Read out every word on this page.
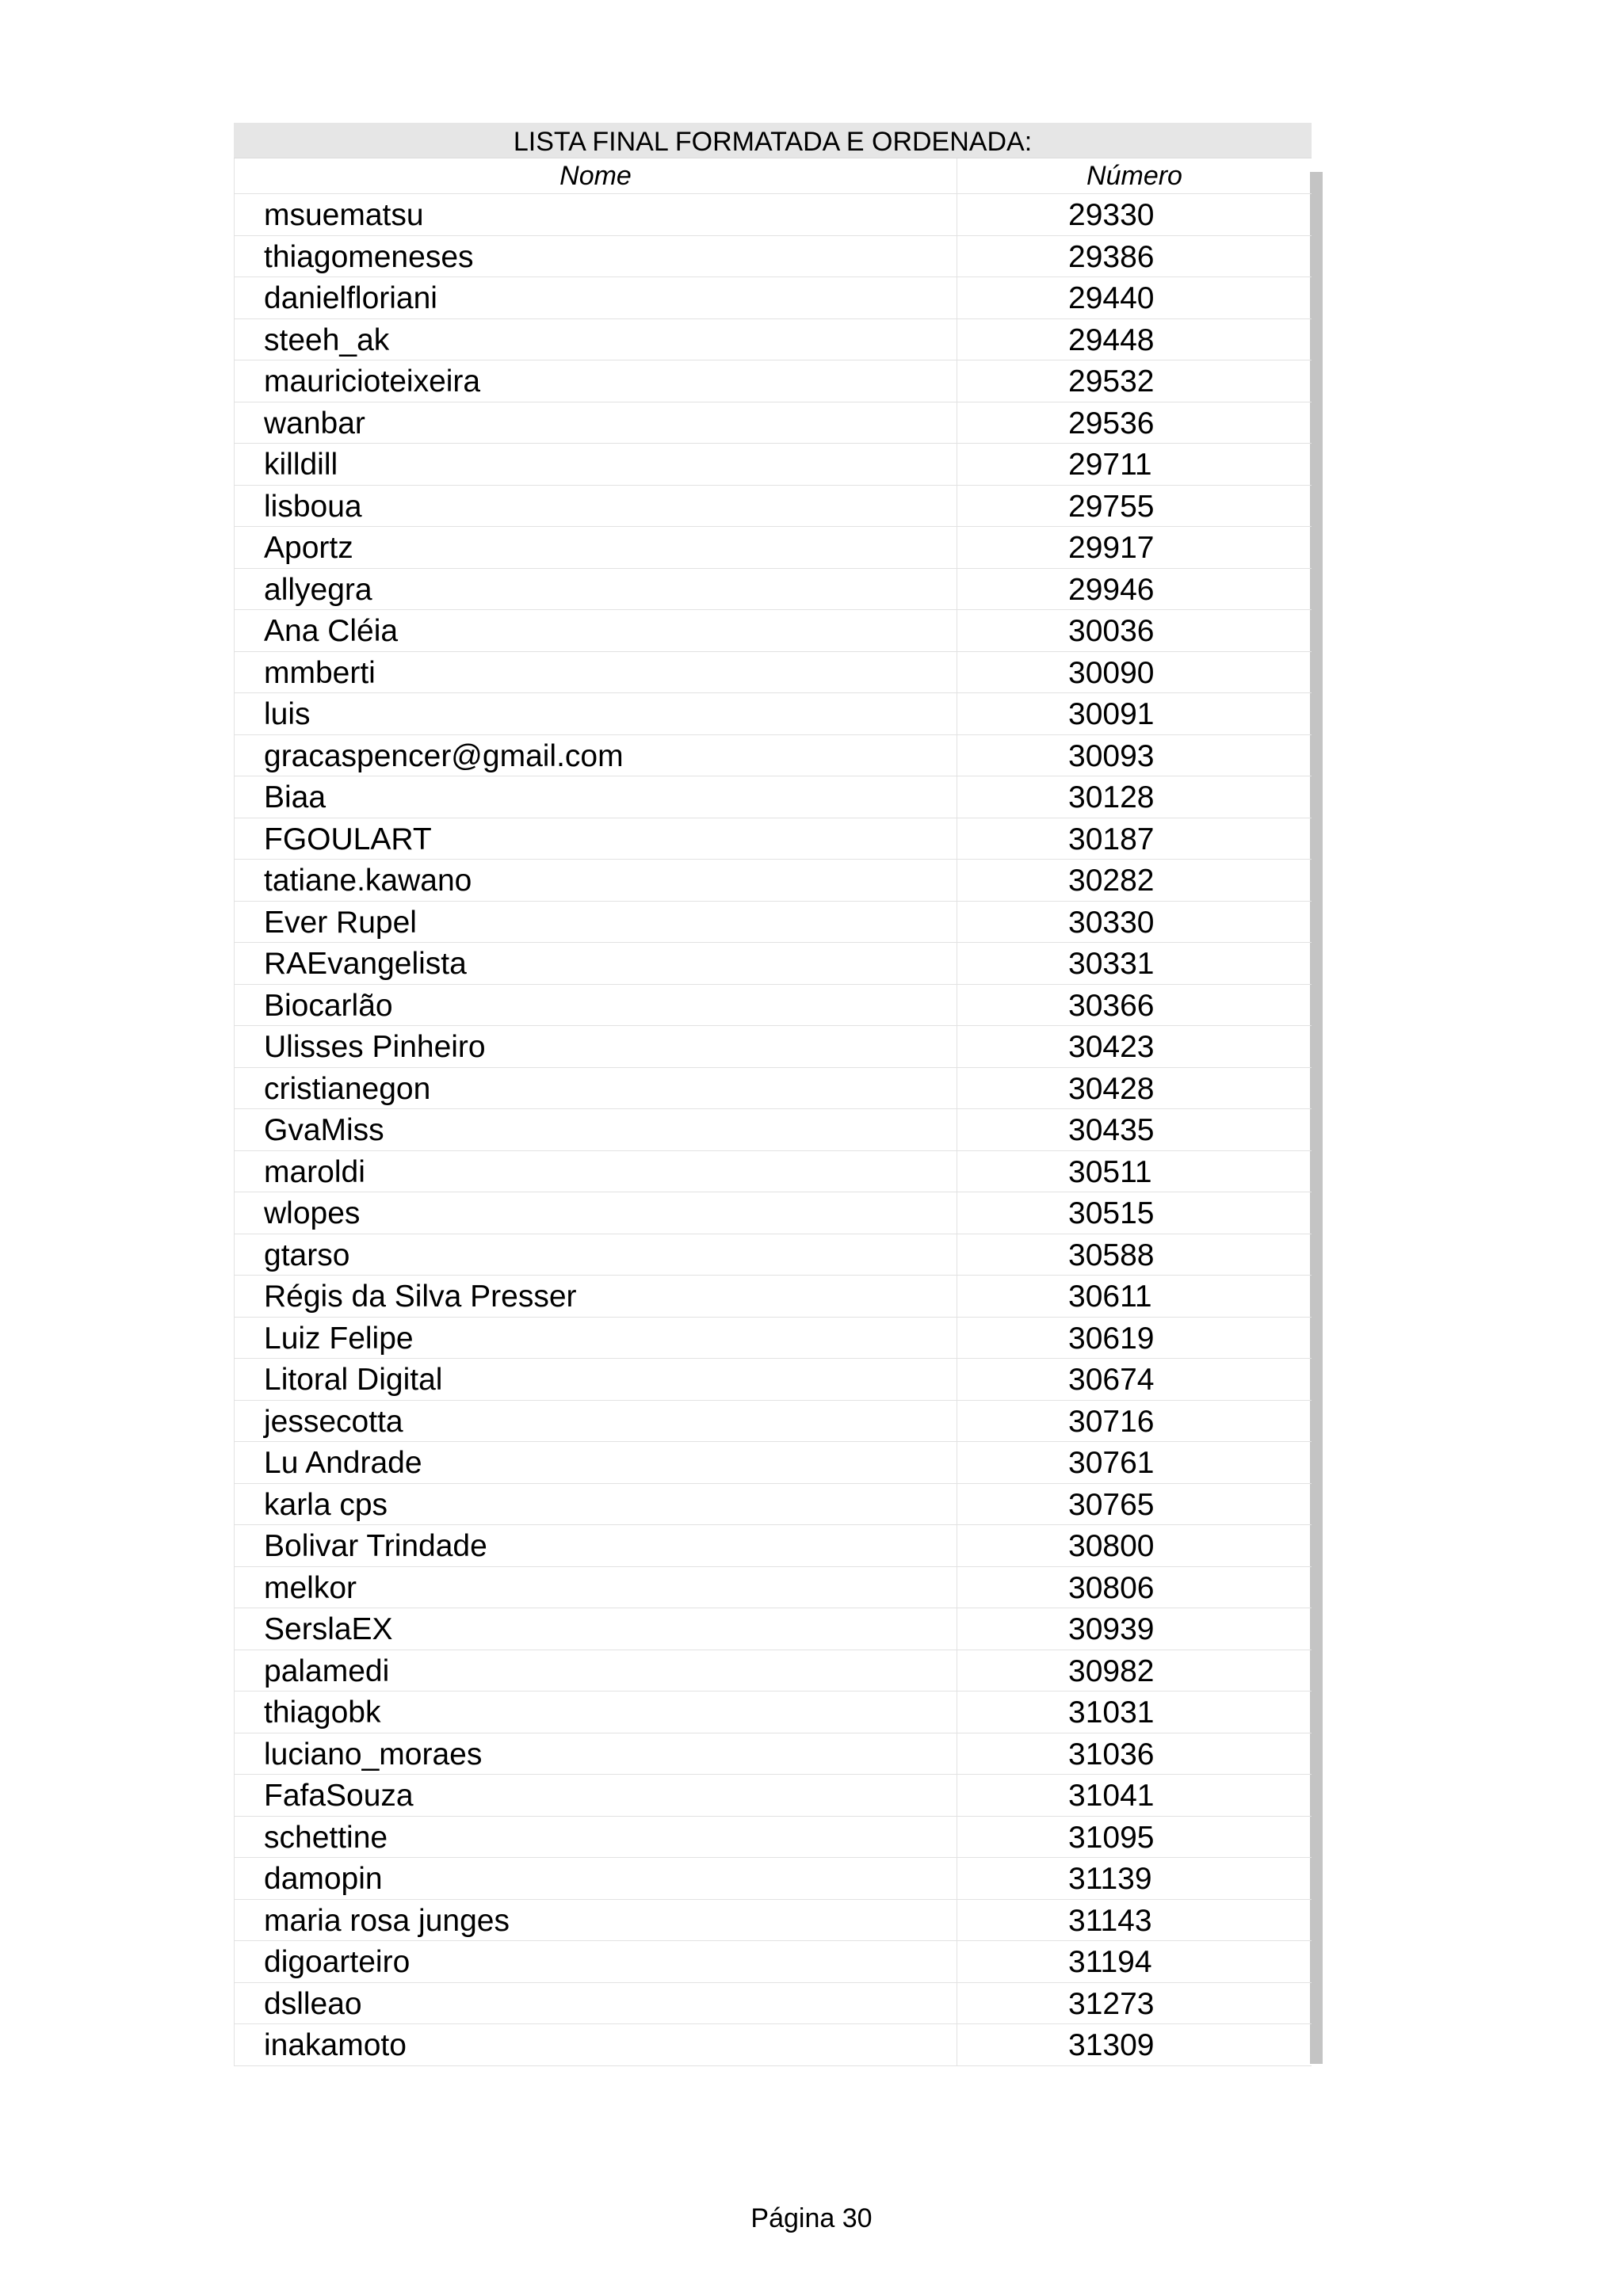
LISTA FINAL FORMATADA E ORDENADA:
Nome	Número
msuematsu	29330
thiagomeneses	29386
danielfloriani	29440
steeh_ak	29448
mauricioteixeira	29532
wanbar	29536
killdill	29711
lisboua	29755
Aportz	29917
allyegra	29946
Ana Cléia	30036
mmberti	30090
luis	30091
gracaspencer@gmail.com	30093
Biaa	30128
FGOULART	30187
tatiane.kawano	30282
Ever Rupel	30330
RAEvangelista	30331
Biocarlão	30366
Ulisses Pinheiro	30423
cristianegon	30428
GvaMiss	30435
maroldi	30511
wlopes	30515
gtarso	30588
Régis da Silva Presser	30611
Luiz Felipe	30619
Litoral Digital	30674
jessecotta	30716
Lu Andrade	30761
karla cps	30765
Bolivar Trindade	30800
melkor	30806
SerslaEX	30939
palamedi	30982
thiagobk	31031
luciano_moraes	31036
FafaSouza	31041
schettine	31095
damopin	31139
maria rosa junges	31143
digoarteiro	31194
dslleao	31273
inakamoto	31309
Página 30
